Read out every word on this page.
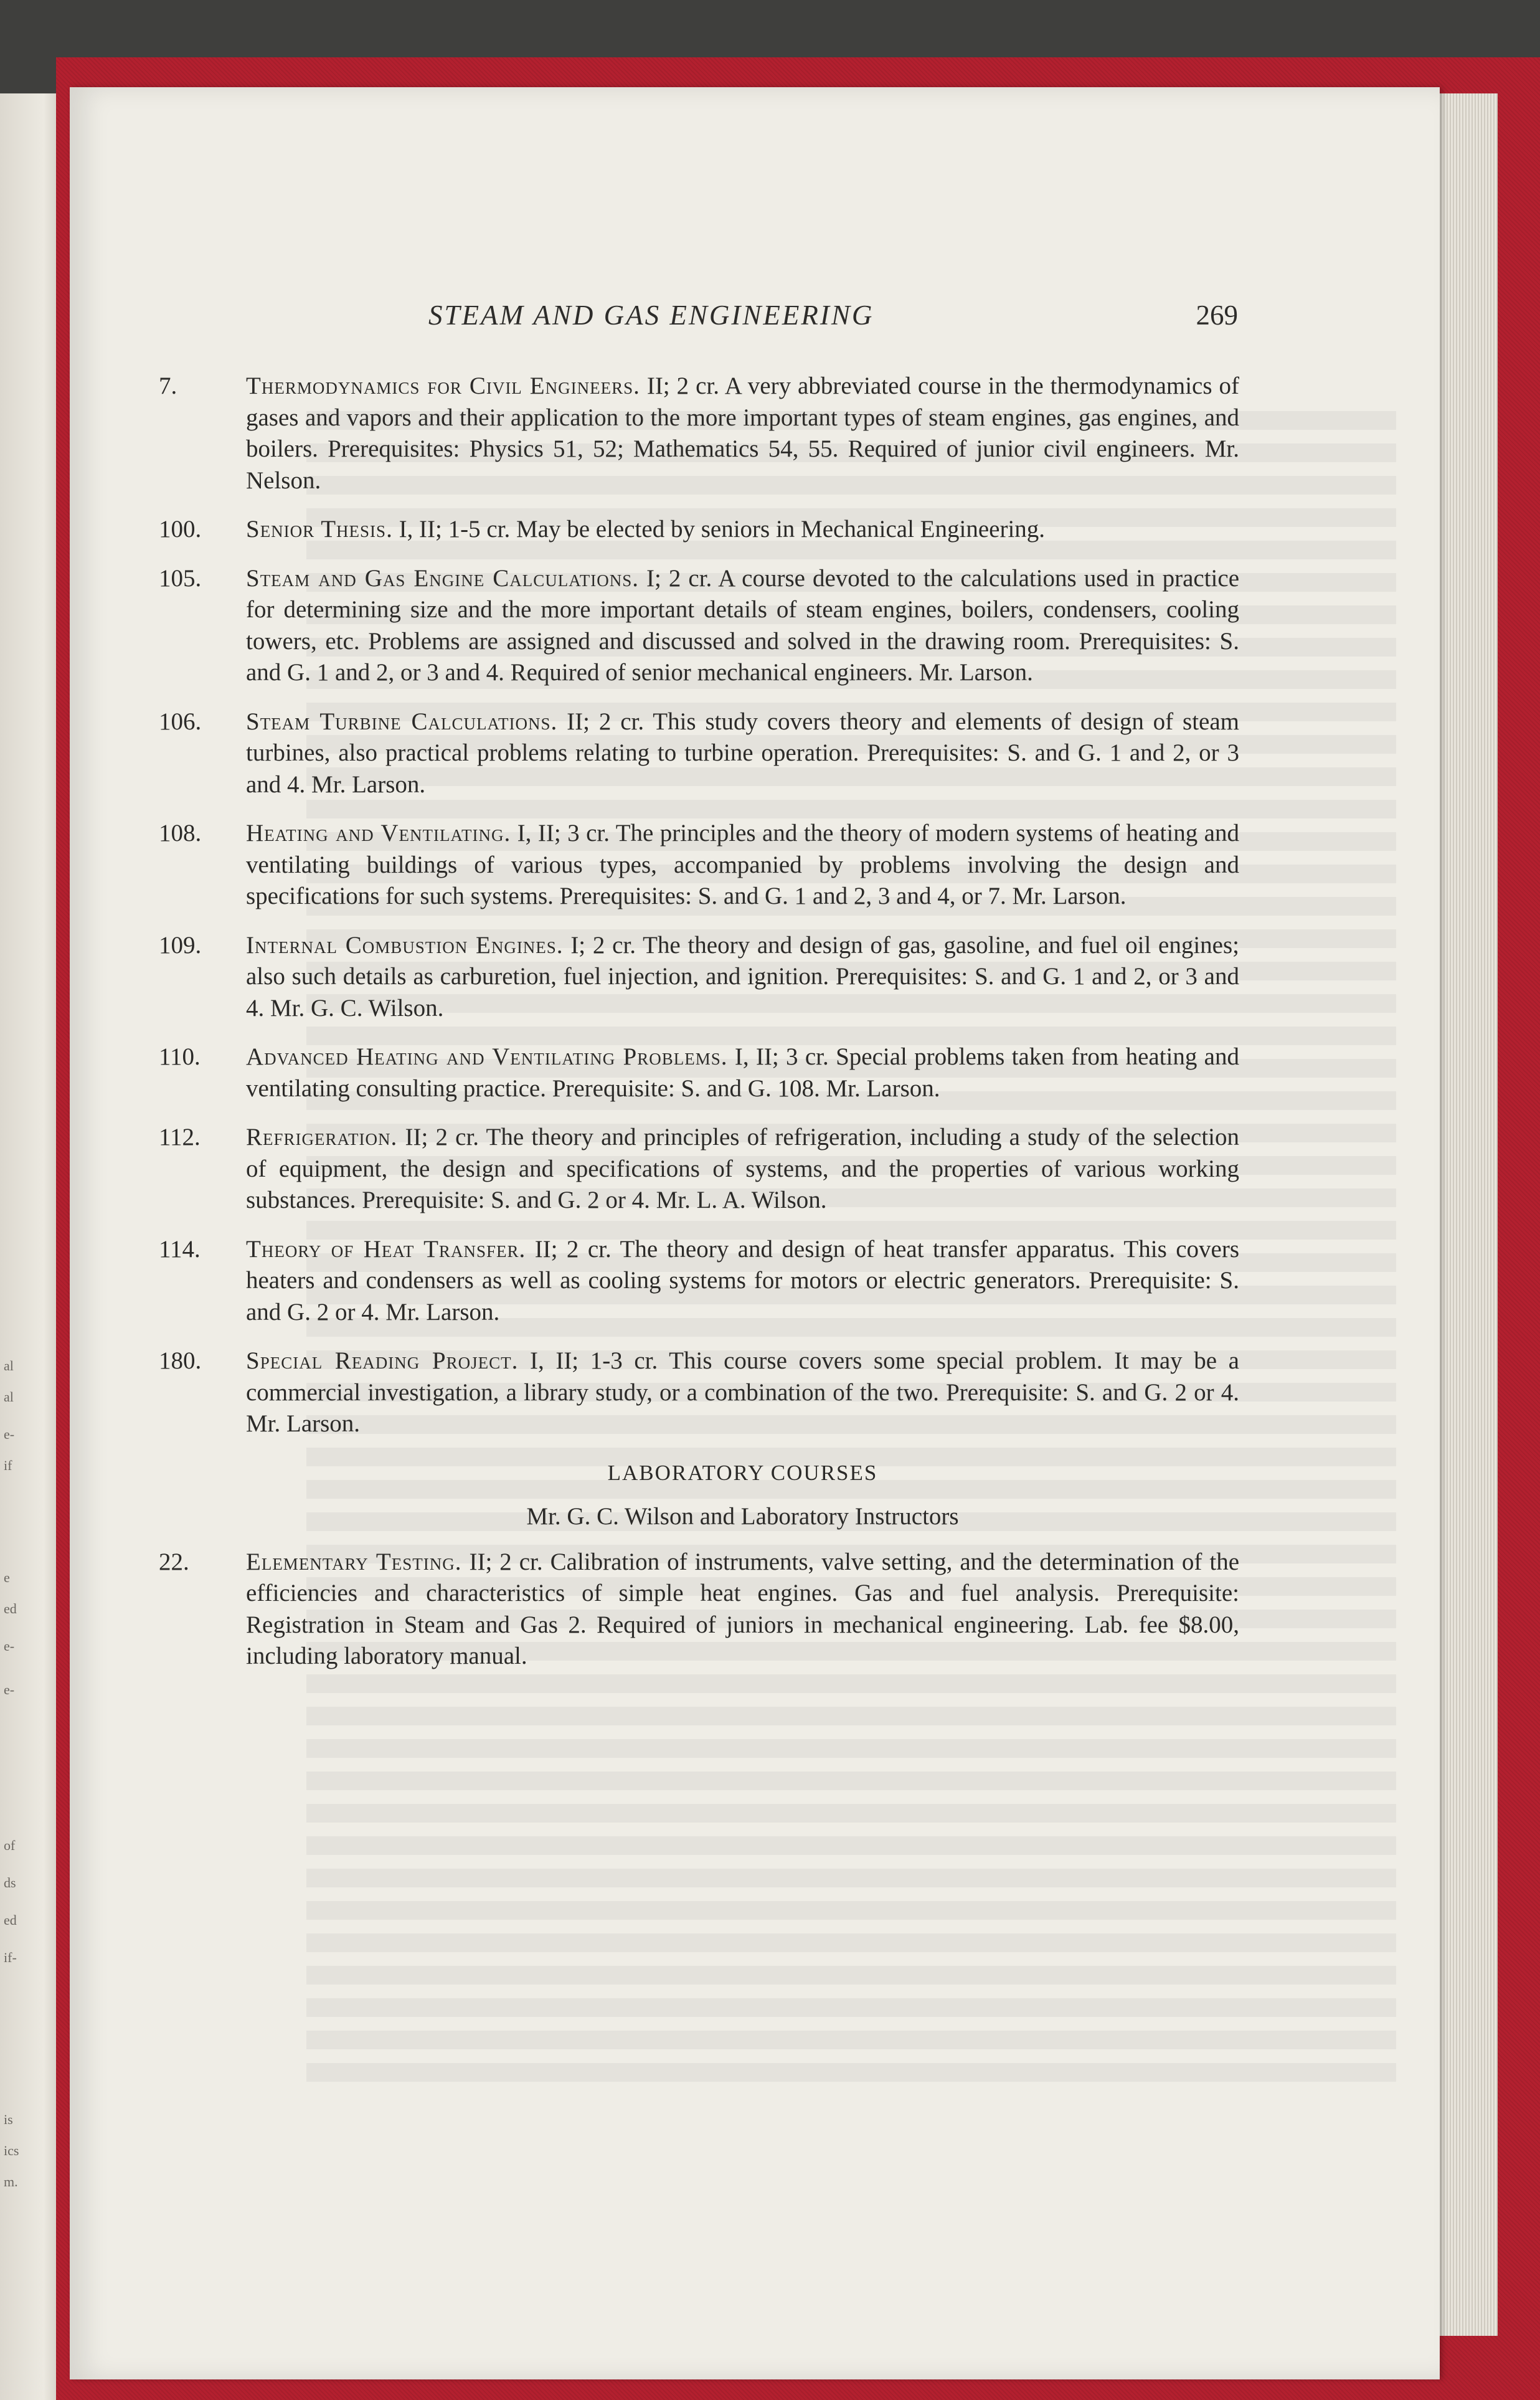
al
al
e-
if
e
ed
e-
e-
of
ds
ed
if-
is
ics
m.
STEAM AND GAS ENGINEERING	269
7.	Thermodynamics for Civil Engineers. II; 2 cr. A very abbreviated course in the thermodynamics of gases and vapors and their application to the more important types of steam engines, gas engines, and boilers. Prerequisites: Physics 51, 52; Mathematics 54, 55. Required of junior civil engineers. Mr. Nelson.
100. Senior Thesis. I, II; 1-5 cr. May be elected by seniors in Mechanical Engineering.
105. Steam and Gas Engine Calculations. I; 2 cr. A course devoted to the calculations used in practice for determining size and the more important details of steam engines, boilers, condensers, cooling towers, etc. Problems are assigned and discussed and solved in the drawing room. Prerequisites: S. and G. 1 and 2, or 3 and 4. Required of senior mechanical engineers. Mr. Larson.
106. Steam Turbine Calculations. II; 2 cr. This study covers theory and elements of design of steam turbines, also practical problems relating to turbine operation. Prerequisites: S. and G. 1 and 2, or 3 and 4. Mr. Larson.
108. Heating and Ventilating. I, II; 3 cr. The principles and the theory of modern systems of heating and ventilating buildings of various types, accompanied by problems involving the design and specifications for such systems. Prerequisites: S. and G. 1 and 2, 3 and 4, or 7. Mr. Larson.
109. Internal Combustion Engines. I; 2 cr. The theory and design of gas, gasoline, and fuel oil engines; also such details as carburetion, fuel injection, and ignition. Prerequisites: S. and G. 1 and 2, or 3 and 4. Mr. G. C. Wilson.
110. Advanced Heating and Ventilating Problems. I, II; 3 cr. Special problems taken from heating and ventilating consulting practice. Prerequisite: S. and G. 108. Mr. Larson.
112. Refrigeration. II; 2 cr. The theory and principles of refrigeration, including a study of the selection of equipment, the design and specifications of systems, and the properties of various working substances. Prerequisite: S. and G. 2 or 4. Mr. L. A. Wilson.
114. Theory of Heat Transfer. II; 2 cr. The theory and design of heat transfer apparatus. This covers heaters and condensers as well as cooling systems for motors or electric generators. Prerequisite: S. and G. 2 or 4. Mr. Larson.
180. Special Reading Project. I, II; 1-3 cr. This course covers some special problem. It may be a commercial investigation, a library study, or a combination of the two. Prerequisite: S. and G. 2 or 4. Mr. Larson.
LABORATORY COURSES
Mr. G. C. Wilson and Laboratory Instructors
22. Elementary Testing. II; 2 cr. Calibration of instruments, valve setting, and the determination of the efficiencies and characteristics of simple heat engines. Gas and fuel analysis. Prerequisite: Registration in Steam and Gas 2. Required of juniors in mechanical engineering. Lab. fee $8.00, including laboratory manual.
